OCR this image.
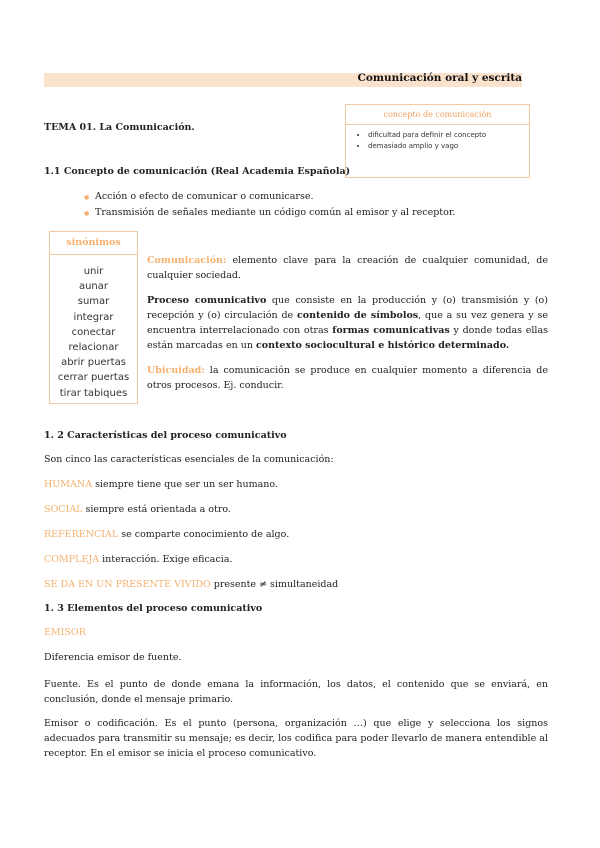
Comunicación oral y escrita
concepto de comunicación
• dificultad para definir el concepto
• demasiado amplio y vago
TEMA 01. La Comunicación.
1.1 Concepto de comunicación (Real Academia Española)
● Acción o efecto de comunicar o comunicarse.
● Transmisión de señales mediante un código común al emisor y al receptor.
sinónimos
unir
aunar
sumar
integrar
conectar
relacionar
abrir puertas
cerrar puertas
tirar tabiques
Comunicación: elemento clave para la creación de cualquier comunidad, de cualquier sociedad.
Proceso comunicativo que consiste en la producción y (o) transmisión y (o) recepción y (o) circulación de contenido de símbolos, que a su vez genera y se encuentra interrelacionado con otras formas comunicativas y donde todas ellas están marcadas en un contexto sociocultural e histórico determinado.
Ubicuidad: la comunicación se produce en cualquier momento a diferencia de otros procesos. Ej. conducir.
1. 2 Características del proceso comunicativo
Son cinco las características esenciales de la comunicación:
HUMANA siempre tiene que ser un ser humano.
SOCIAL siempre está orientada a otro.
REFERENCIAL se comparte conocimiento de algo.
COMPLEJA interacción. Exige eficacia.
SE DA EN UN PRESENTE VIVIDO presente ≠ simultaneidad
1. 3 Elementos del proceso comunicativo
EMISOR
Diferencia emisor de fuente.
Fuente. Es el punto de donde emana la información, los datos, el contenido que se enviará, en conclusión, donde el mensaje primario.
Emisor o codificación. Es el punto (persona, organización …) que elige y selecciona los signos adecuados para transmitir su mensaje; es decir, los codifica para poder llevarlo de manera entendible al receptor. En el emisor se inicia el proceso comunicativo.
